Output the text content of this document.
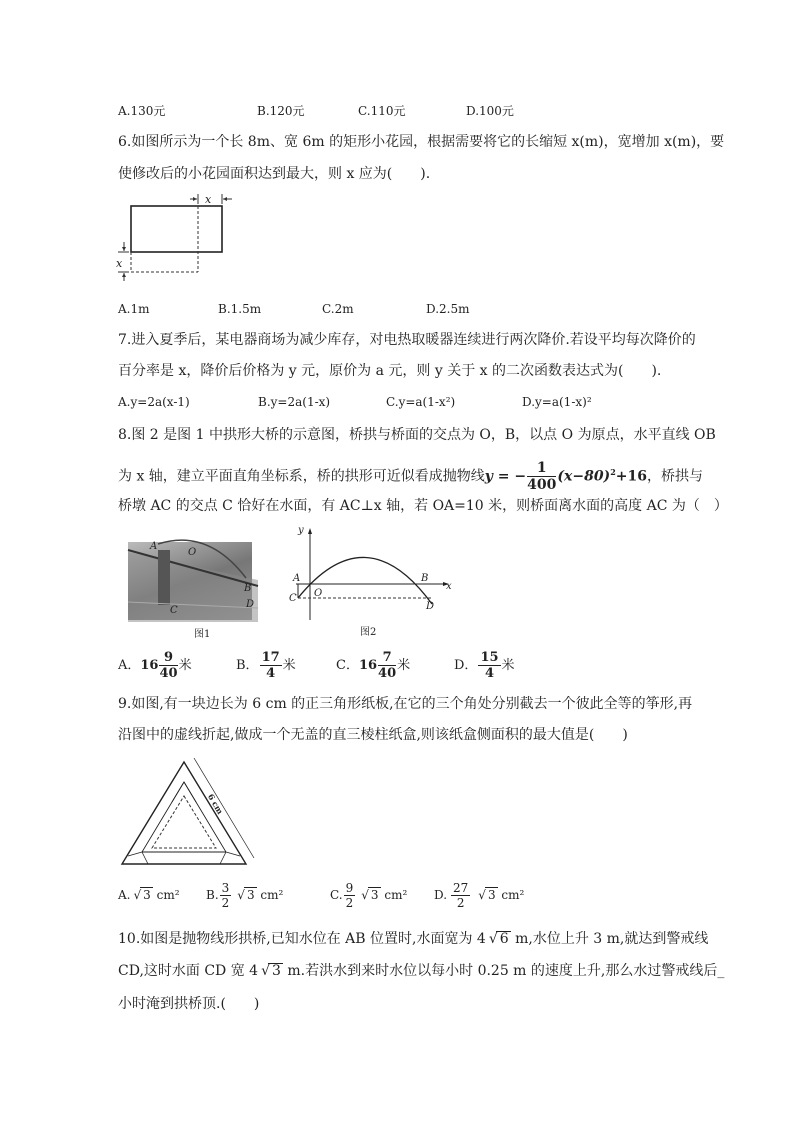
A.130元	B.120元	C.110元	D.100元
6.如图所示为一个长 8m、宽 6m 的矩形小花园，根据需要将它的长缩短 x(m)，宽增加 x(m)，要
使修改后的小花园面积达到最大，则 x 应为(　　).
x
x
A.1m	B.1.5m	C.2m	D.2.5m
7.进入夏季后，某电器商场为减少库存，对电热取暖器连续进行两次降价.若设平均每次降价的
百分率是 x，降价后价格为 y 元，原价为 a 元，则 y 关于 x 的二次函数表达式为(　　).
A.y=2a(x-1)	B.y=2a(1-x)	C.y=a(1-x²)	D.y=a(1-x)²
8.图 2 是图 1 中拱形大桥的示意图，桥拱与桥面的交点为 O，B，以点 O 为原点，水平直线 OB
为 x 轴，建立平面直角坐标系，桥的拱形可近似看成抛物线y = − $\frac{1}{400} (x-80)^2+16$，桥拱与
桥墩 AC 的交点 C 恰好在水面，有 AC⊥x 轴，若 OA=10 米，则桥面离水面的高度 AC 为（　）
A
O
B
C
D
图1
y
x
A
C O
B
D
图2
A．$16 \frac{9}{40}$ 米	B． $\frac{17}{4}$ 米	C．$16 \frac{7}{40}$ 米	D． $\frac{15}{4}$ 米
9.如图,有一块边长为 6 cm 的正三角形纸板,在它的三个角处分别截去一个彼此全等的筝形,再
沿图中的虚线折起,做成一个无盖的直三棱柱纸盒,则该纸盒侧面积的最大值是(　　)
6 cm
A. √ 3 cm² B. $\frac{3}{2}$ √ 3 cm²	C. $\frac{9}{2}$ √ 3 cm² D. $\frac{27}{2}$ √ 3 cm²
10.如图是抛物线形拱桥,已知水位在 AB 位置时,水面宽为 4 √ 6 m,水位上升 3 m,就达到警戒线
CD,这时水面 CD 宽 4 √ 3 m.若洪水到来时水位以每小时 0.25 m 的速度上升,那么水过警戒线后_
小时淹到拱桥顶.(　　)
